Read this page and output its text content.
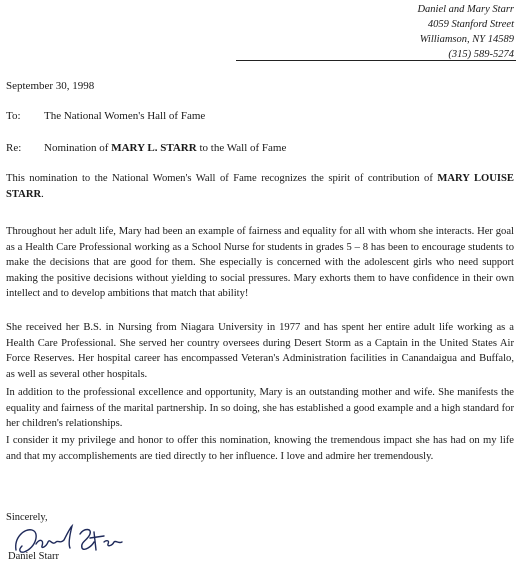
Daniel and Mary Starr
4059 Stanford Street
Williamson, NY 14589
(315) 589-5274
September 30, 1998
To: The National Women's Hall of Fame
Re: Nomination of MARY L. STARR to the Wall of Fame

This nomination to the National Women's Wall of Fame recognizes the spirit of contribution of MARY LOUISE STARR.

Throughout her adult life, Mary had been an example of fairness and equality for all with whom she interacts. Her goal as a Health Care Professional working as a School Nurse for students in grades 5 – 8 has been to encourage students to make the decisions that are good for them. She especially is concerned with the adolescent girls who need support making the positive decisions without yielding to social pressures. Mary exhorts them to have confidence in their own intellect and to develop ambitions that match that ability!

She received her B.S. in Nursing from Niagara University in 1977 and has spent her entire adult life working as a Health Care Professional. She served her country oversees during Desert Storm as a Captain in the United States Air Force Reserves. Her hospital career has encompassed Veteran's Administration facilities in Canandaigua and Buffalo, as well as several other hospitals.

In addition to the professional excellence and opportunity, Mary is an outstanding mother and wife. She manifests the equality and fairness of the marital partnership. In so doing, she has established a good example and a high standard for her children's relationships.

I consider it my privilege and honor to offer this nomination, knowing the tremendous impact she has had on my life and that my accomplishements are tied directly to her influence. I love and admire her tremendously.

Sincerely,
Daniel Starr
